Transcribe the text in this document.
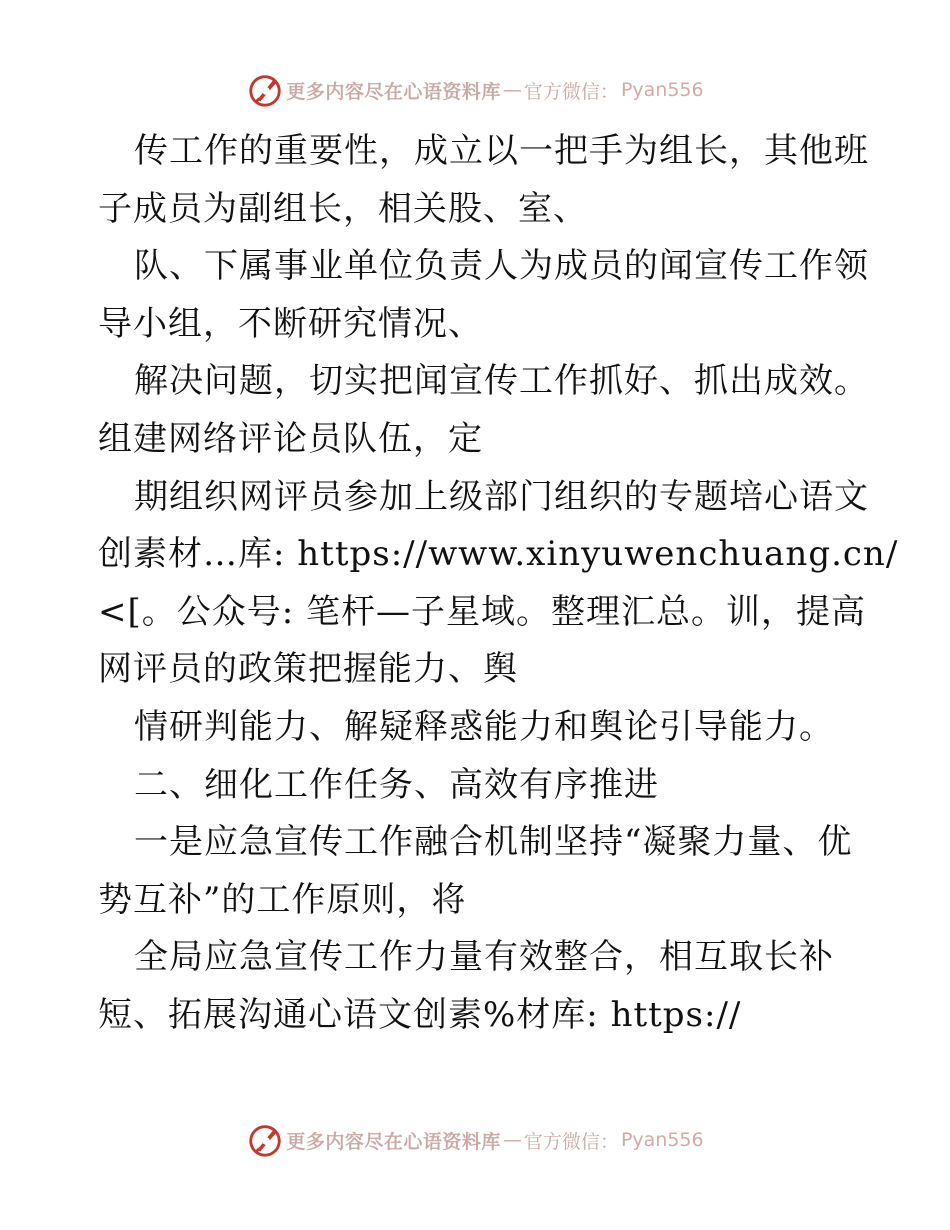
更多内容尽在心语资料库 — 官方微信： Pyan556
传工作的重要性，成立以一把手为组长，其他班
子成员为副组长，相关股、室、
队、下属事业单位负责人为成员的闻宣传工作领
导小组，不断研究情况、
解决问题，切实把闻宣传工作抓好、抓出成效。
组建网络评论员队伍，定
期组织网评员参加上级部门组织的专题培心语文
创素材…库: https://www.xinyuwenchuang.cn/
<[。公众号: 笔杆—子星域。整理汇总。训，提高
网评员的政策把握能力、舆
情研判能力、解疑释惑能力和舆论引导能力。
二、细化工作任务、高效有序推进
一是应急宣传工作融合机制坚持“凝聚力量、优
势互补”的工作原则，将
全局应急宣传工作力量有效整合，相互取长补
短、拓展沟通心语文创素%材库: https://
更多内容尽在心语资料库 — 官方微信： Pyan556
